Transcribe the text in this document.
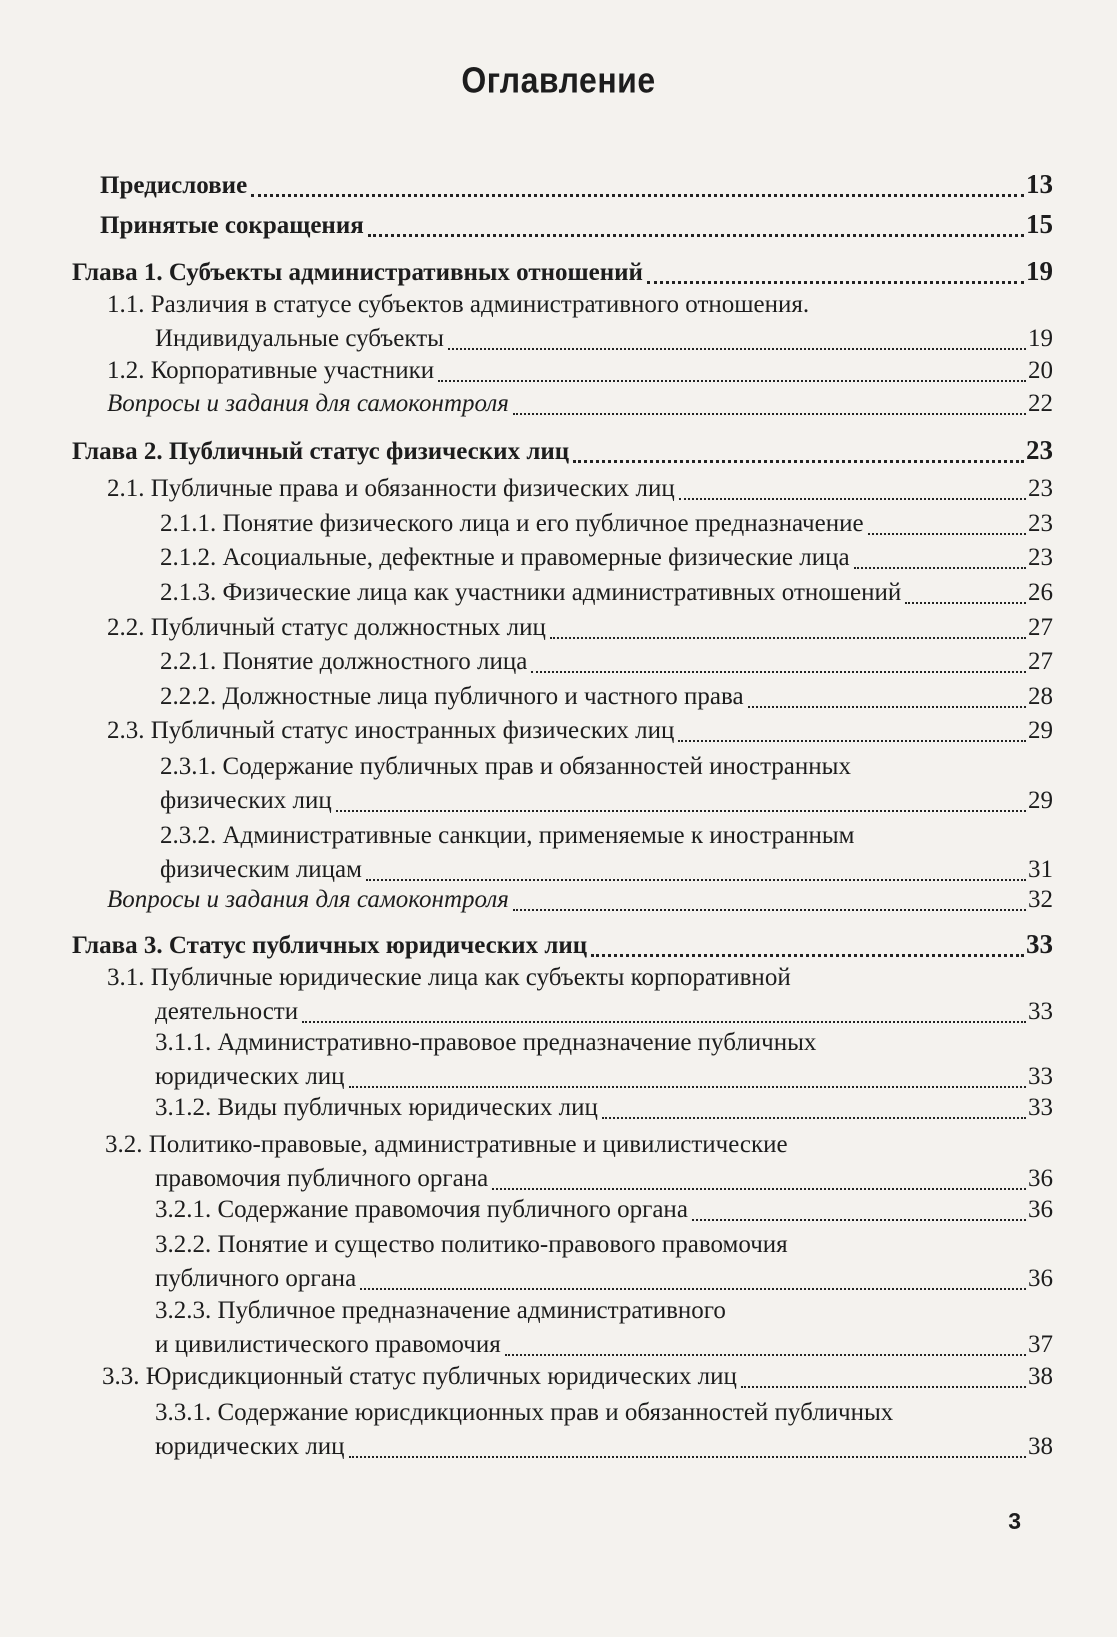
Оглавление
Предисловие	13
Принятые сокращения	15
Глава 1. Субъекты административных отношений	19
1.1. Различия в статусе субъектов административного отношения.
Индивидуальные субъекты	19
1.2. Корпоративные участники	20
Вопросы и задания для самоконтроля	22
Глава 2. Публичный статус физических лиц	23
2.1. Публичные права и обязанности физических лиц	23
2.1.1. Понятие физического лица и его публичное предназначение	23
2.1.2. Асоциальные, дефектные и правомерные физические лица	23
2.1.3. Физические лица как участники административных отношений	26
2.2. Публичный статус должностных лиц	27
2.2.1. Понятие должностного лица	27
2.2.2. Должностные лица публичного и частного права	28
2.3. Публичный статус иностранных физических лиц	29
2.3.1. Содержание публичных прав и обязанностей иностранных
физических лиц	29
2.3.2. Административные санкции, применяемые к иностранным
физическим лицам	31
Вопросы и задания для самоконтроля	32
Глава 3. Статус публичных юридических лиц	33
3.1. Публичные юридические лица как субъекты корпоративной
деятельности	33
3.1.1. Административно-правовое предназначение публичных
юридических лиц	33
3.1.2. Виды публичных юридических лиц	33
3.2. Политико-правовые, административные и цивилистические
правомочия публичного органа	36
3.2.1. Содержание правомочия публичного органа	36
3.2.2. Понятие и существо политико-правового правомочия
публичного органа	36
3.2.3. Публичное предназначение административного
и цивилистического правомочия	37
3.3. Юрисдикционный статус публичных юридических лиц	38
3.3.1. Содержание юрисдикционных прав и обязанностей публичных
юридических лиц	38
3
